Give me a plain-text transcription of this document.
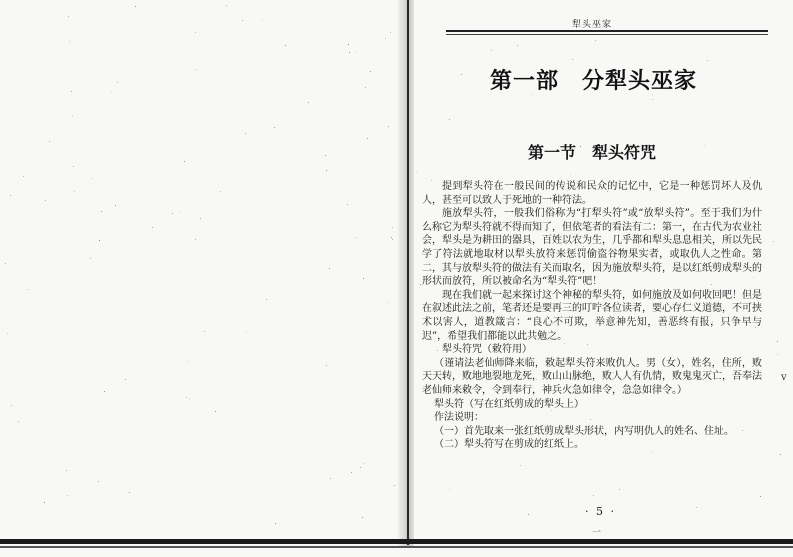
犁头巫家
第一部　分犁头巫家
第一节　犁头符咒

提到犁头符在一般民间的传说和民众的记忆中，它是一种惩罚坏人及仇人，甚至可以致人于死地的一种符法。

施放犁头符，一般我们俗称为“打犁头符”或“放犁头符”。至于我们为什么称它为犁头符就不得而知了，但依笔者的看法有二：第一，在古代为农业社会，犁头是为耕田的器具，百姓以农为生，几乎都和犁头息息相关，所以先民学了符法就地取材以犁头放符来惩罚偷盗谷物果实者，或取仇人之性命。第二，其与放犁头符的做法有关而取名，因为施放犁头符，是以红纸剪成犁头的形状而放符，所以被命名为“犁头符”吧！

现在我们就一起来探讨这个神秘的犁头符，如何施放及如何收回吧！但是在叙述此法之前，笔者还是要再三的叮咛各位读者，要心存仁义道德，不可挟术以害人，道教箴言：“良心不可欺，举意神先知，善恶终有报，只争早与迟”，希望我们都能以此共勉之。

犁头符咒（敕符用）

（谨请法老仙师降来临，敕起犁头符来败仇人。男（女），姓名，住所，败天天转，败地地裂地龙死，败山山脉绝，败人人有仇情，败鬼鬼灭亡，吾奉法老仙师来敕令，令到奉行，神兵火急如律令，急急如律令。）

犁头符（写在红纸剪成的犁头上）

作法说明：

（一）首先取来一张红纸剪成犁头形状，内写明仇人的姓名、住址。

（二）犁头符写在剪成的红纸上。

· 5 ·
一
v
